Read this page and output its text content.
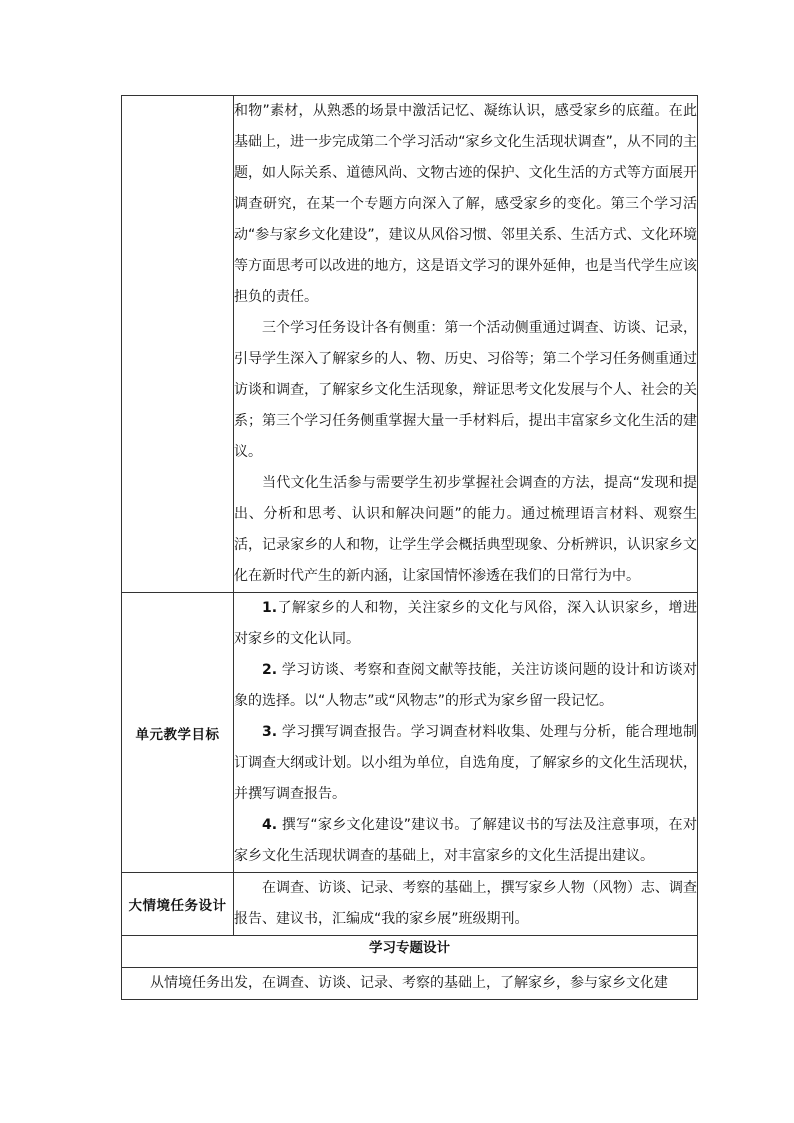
	和物”素材，从熟悉的场景中激活记忆、凝练认识，感受家乡的底蕴。在此基础上，进一步完成第二个学习活动“家乡文化生活现状调查”，从不同的主题，如人际关系、道德风尚、文物古迹的保护、文化生活的方式等方面展开调查研究，在某一个专题方向深入了解，感受家乡的变化。第三个学习活动“参与家乡文化建设”，建议从风俗习惯、邻里关系、生活方式、文化环境等方面思考可以改进的地方，这是语文学习的课外延伸，也是当代学生应该担负的责任。

三个学习任务设计各有侧重：第一个活动侧重通过调查、访谈、记录，引导学生深入了解家乡的人、物、历史、习俗等；第二个学习任务侧重通过访谈和调查，了解家乡文化生活现象，辩证思考文化发展与个人、社会的关系；第三个学习任务侧重掌握大量一手材料后，提出丰富家乡文化生活的建议。

当代文化生活参与需要学生初步掌握社会调查的方法，提高“发现和提出、分析和思考、认识和解决问题”的能力。通过梳理语言材料、观察生活，记录家乡的人和物，让学生学会概括典型现象、分析辨识，认识家乡文化在新时代产生的新内涵，让家国情怀渗透在我们的日常行为中。

单元教学目标	1.了解家乡的人和物，关注家乡的文化与风俗，深入认识家乡，增进对家乡的文化认同。

2. 学习访谈、考察和查阅文献等技能，关注访谈问题的设计和访谈对象的选择。以“人物志”或“风物志”的形式为家乡留一段记忆。

3. 学习撰写调查报告。学习调查材料收集、处理与分析，能合理地制订调查大纲或计划。以小组为单位，自选角度，了解家乡的文化生活现状，并撰写调查报告。

4. 撰写“家乡文化建设”建议书。了解建议书的写法及注意事项，在对家乡文化生活现状调查的基础上，对丰富家乡的文化生活提出建议。

大情境任务设计	在调查、访谈、记录、考察的基础上，撰写家乡人物（风物）志、调查报告、建议书，汇编成“我的家乡展”班级期刊。

学习专题设计	

从情境任务出发，在调查、访谈、记录、考察的基础上，了解家乡，参与家乡文化建	
